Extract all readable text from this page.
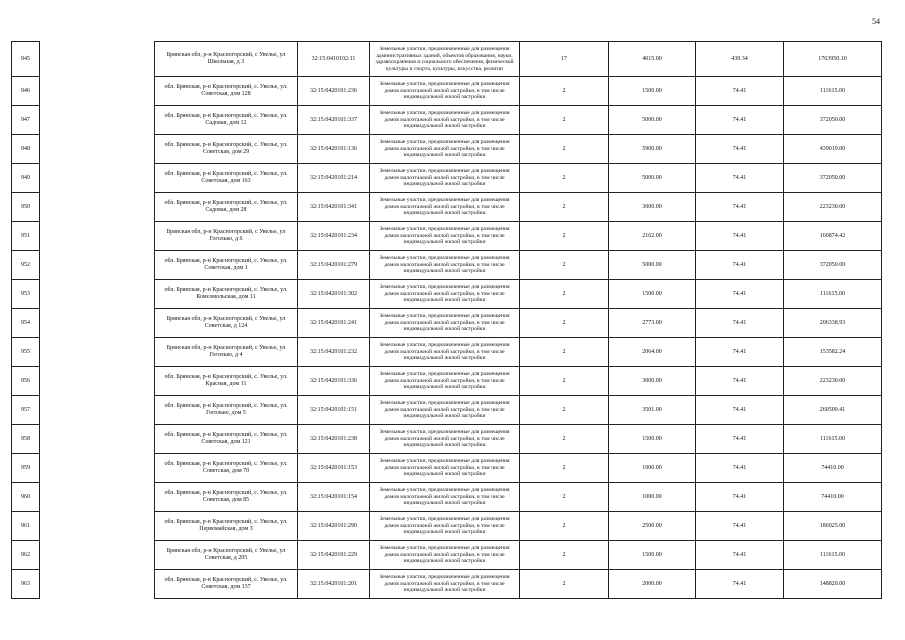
54
945		Брянская обл, р-н Красногорский, с Увелье, ул Школьная, д 3	32:15:0410102:11	Земельные участки, предназначенные для размещения административных зданий, объектов образования, науки, здравоохранения и социального обеспечения, физической культуры и спорта, культуры, искусства, религии	17	4015.00	439.34	1763950.10
946		обл. Брянская, р-н Красногорский, с. Увелье, ул. Советская, дом 128	32:15:0420101:236	Земельные участки, предназначенные для размещения домов малоэтажной жилой застройки, в том числе индивидуальной жилой застройки	2	1500.00	74.41	111615.00
947		обл. Брянская, р-н Красногорский, с. Увелье, ул. Садовая, дом 12	32:15:0420101:337	Земельные участки, предназначенные для размещения домов малоэтажной жилой застройки, в том числе индивидуальной жилой застройки	2	5000.00	74.41	372050.00
948		обл. Брянская, р-н Красногорский, с. Увелье, ул. Советская, дом 29	32:15:0420101:136	Земельные участки, предназначенные для размещения домов малоэтажной жилой застройки, в том числе индивидуальной жилой застройки	2	5900.00	74.41	439019.00
949		обл. Брянская, р-н Красногорский, с. Увелье, ул. Советская, дом 163	32:15:0420101:214	Земельные участки, предназначенные для размещения домов малоэтажной жилой застройки, в том числе индивидуальной жилой застройки	2	5000.00	74.41	372050.00
950		обл. Брянская, р-н Красногорский, с. Увелье, ул. Садовая, дом 28	32:15:0420101:341	Земельные участки, предназначенные для размещения домов малоэтажной жилой застройки, в том числе индивидуальной жилой застройки	2	3000.00	74.41	223230.00
951		Брянская обл, р-н Красногорский, с Увелье, ул Гоголько, д 6	32:15:0420101:234	Земельные участки, предназначенные для размещения домов малоэтажной жилой застройки, в том числе индивидуальной жилой застройки	2	2162.00	74.41	160874.42
952		обл. Брянская, р-н Красногорский, с. Увелье, ул. Советская, дом 1	32:15:0420101:279	Земельные участки, предназначенные для размещения домов малоэтажной жилой застройки, в том числе индивидуальной жилой застройки	2	5000.00	74.41	372050.00
953		обл. Брянская, р-н Красногорский, с. Увелье, ул. Комсомольская, дом 11	32:15:0420101:302	Земельные участки, предназначенные для размещения домов малоэтажной жилой застройки, в том числе индивидуальной жилой застройки	2	1500.00	74.41	111615.00
954		Брянская обл, р-н Красногорский, с Увелье, ул Советская, д 124	32:15:0420101:241	Земельные участки, предназначенные для размещения домов малоэтажной жилой застройки, в том числе индивидуальной жилой застройки	2	2773.00	74.41	206338.93
955		Брянская обл, р-н Красногорский, с Увелье, ул Гоголько, д 4	32:15:0420101:232	Земельные участки, предназначенные для размещения домов малоэтажной жилой застройки, в том числе индивидуальной жилой застройки	2	2064.00	74.41	153582.24
956		обл. Брянская, р-н Красногорский, с. Увелье, ул. Красная, дом 11	32:15:0420101:336	Земельные участки, предназначенные для размещения домов малоэтажной жилой застройки, в том числе индивидуальной жилой застройки	2	3000.00	74.41	223230.00
957		обл. Брянская, р-н Красногорский, с. Увелье, ул. Гоголько, дом 5	32:15:0420101:151	Земельные участки, предназначенные для размещения домов малоэтажной жилой застройки, в том числе индивидуальной жилой застройки	2	3501.00	74.41	260509.41
958		обл. Брянская, р-н Красногорский, с. Увелье, ул. Советская, дом 121	32:15:0420101:238	Земельные участки, предназначенные для размещения домов малоэтажной жилой застройки, в том числе индивидуальной жилой застройки	2	1500.00	74.41	111615.00
959		обл. Брянская, р-н Красногорский, с. Увелье, ул. Советская, дом 70	32:15:0420101:153	Земельные участки, предназначенные для размещения домов малоэтажной жилой застройки, в том числе индивидуальной жилой застройки	2	1000.00	74.41	74410.00
960		обл. Брянская, р-н Красногорский, с. Увелье, ул. Советская, дом 85	32:15:0420101:154	Земельные участки, предназначенные для размещения домов малоэтажной жилой застройки, в том числе индивидуальной жилой застройки	2	1000.00	74.41	74410.00
961		обл. Брянская, р-н Красногорский, с. Увелье, ул. Первомайская, дом 3	32:15:0420101:290	Земельные участки, предназначенные для размещения домов малоэтажной жилой застройки, в том числе индивидуальной жилой застройки	2	2500.00	74.41	186025.00
962		Брянская обл, р-н Красногорский, с Увелье, ул Советская, д 205	32:15:0420101:229	Земельные участки, предназначенные для размещения домов малоэтажной жилой застройки, в том числе индивидуальной жилой застройки	2	1500.00	74.41	111615.00
963		обл. Брянская, р-н Красногорский, с. Увелье, ул. Советская, дом 137	32:15:0420101:201	Земельные участки, предназначенные для размещения домов малоэтажной жилой застройки, в том числе индивидуальной жилой застройки	2	2000.00	74.41	148820.00
